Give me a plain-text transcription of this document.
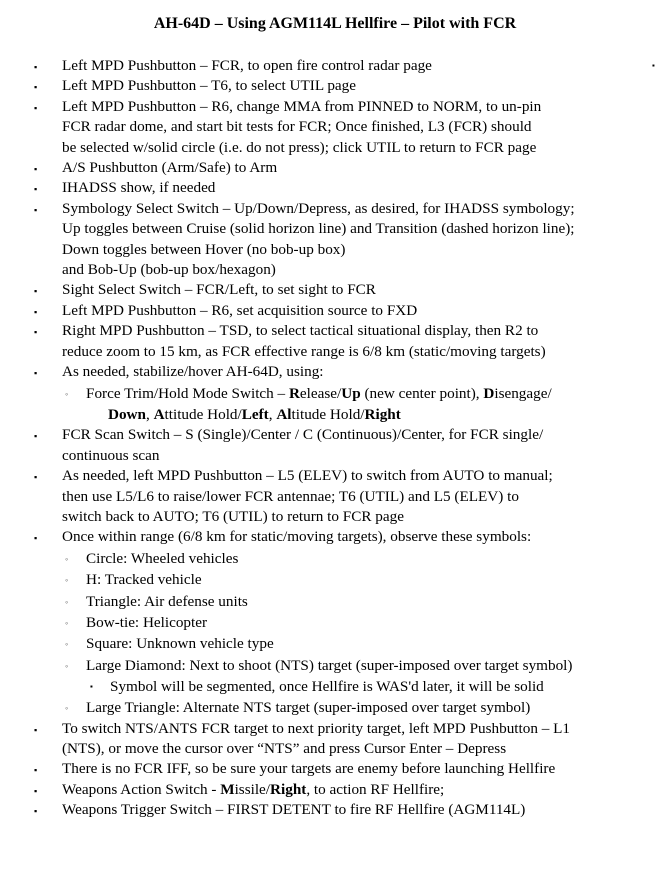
AH-64D – Using AGM114L Hellfire – Pilot with FCR
▪
▪ Left MPD Pushbutton – FCR, to open fire control radar page
▪ Left MPD Pushbutton – T6, to select UTIL page
▪ Left MPD Pushbutton – R6, change MMA from PINNED to NORM, to un-pin
FCR radar dome, and start bit tests for FCR; Once finished, L3 (FCR) should
be selected w/solid circle (i.e. do not press); click UTIL to return to FCR page
▪ A/S Pushbutton (Arm/Safe) to Arm
▪ IHADSS show, if needed
▪ Symbology Select Switch – Up/Down/Depress, as desired, for IHADSS symbology;
Up toggles between Cruise (solid horizon line) and Transition (dashed horizon line);
Down toggles between Hover (no bob-up box)
and Bob-Up (bob-up box/hexagon)
▪ Sight Select Switch – FCR/Left, to set sight to FCR
▪ Left MPD Pushbutton – R6, set acquisition source to FXD
▪ Right MPD Pushbutton – TSD, to select tactical situational display, then R2 to
reduce zoom to 15 km, as FCR effective range is 6/8 km (static/moving targets)
▪ As needed, stabilize/hover AH-64D, using:
◦ Force Trim/Hold Mode Switch – Release/Up (new center point), Disengage/
Down, Attitude Hold/Left, Altitude Hold/Right
▪ FCR Scan Switch – S (Single)/Center / C (Continuous)/Center, for FCR single/
continuous scan
▪ As needed, left MPD Pushbutton – L5 (ELEV) to switch from AUTO to manual;
then use L5/L6 to raise/lower FCR antennae; T6 (UTIL) and L5 (ELEV) to
switch back to AUTO; T6 (UTIL) to return to FCR page
▪ Once within range (6/8 km for static/moving targets), observe these symbols:
◦ Circle: Wheeled vehicles
◦ H: Tracked vehicle
◦ Triangle: Air defense units
◦ Bow-tie: Helicopter
◦ Square: Unknown vehicle type
◦ Large Diamond: Next to shoot (NTS) target (super-imposed over target symbol)
▪ Symbol will be segmented, once Hellfire is WAS'd later, it will be solid
◦ Large Triangle: Alternate NTS target (super-imposed over target symbol)
▪ To switch NTS/ANTS FCR target to next priority target, left MPD Pushbutton – L1
(NTS), or move the cursor over “NTS” and press Cursor Enter – Depress
▪ There is no FCR IFF, so be sure your targets are enemy before launching Hellfire
▪ Weapons Action Switch - Missile/Right, to action RF Hellfire;
▪ Weapons Trigger Switch – FIRST DETENT to fire RF Hellfire (AGM114L)
